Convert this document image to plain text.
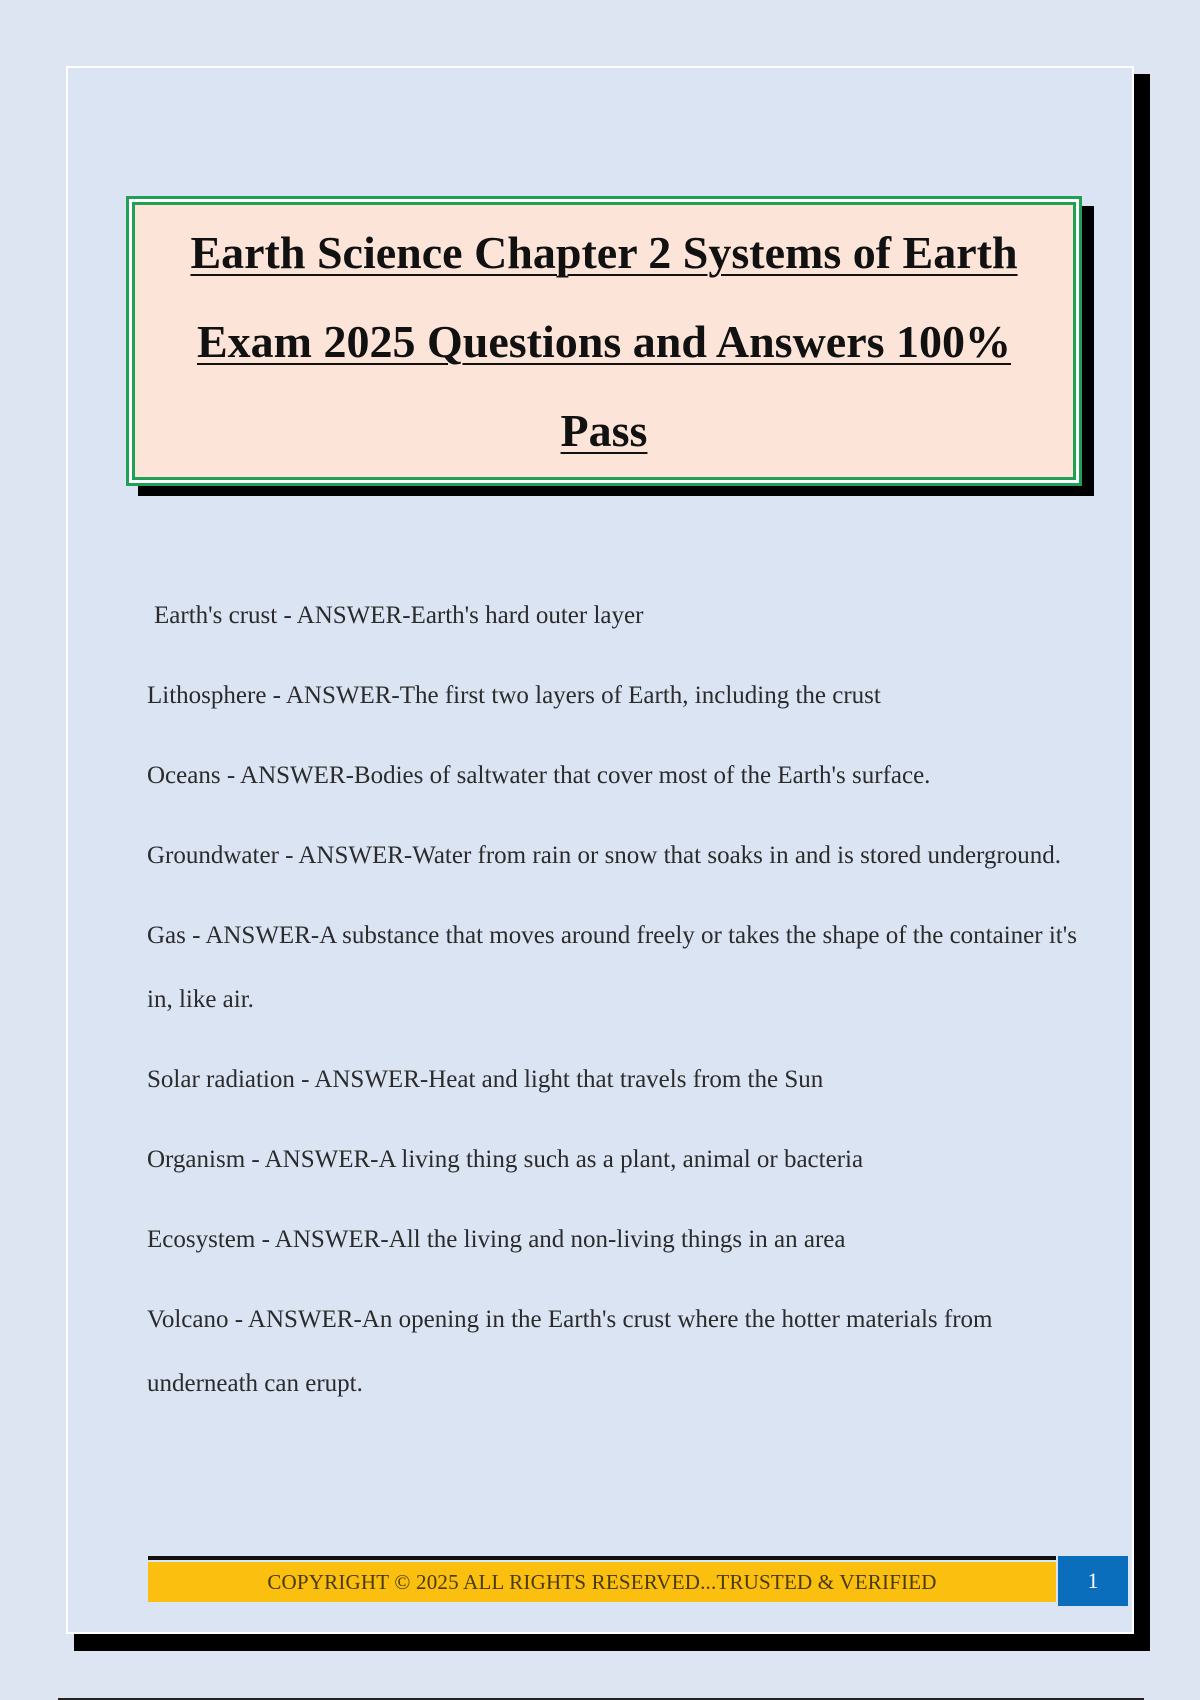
Earth Science Chapter 2 Systems of Earth Exam 2025 Questions and Answers 100% Pass

Earth's crust - ANSWER-Earth's hard outer layer

Lithosphere - ANSWER-The first two layers of Earth, including the crust

Oceans - ANSWER-Bodies of saltwater that cover most of the Earth's surface.

Groundwater - ANSWER-Water from rain or snow that soaks in and is stored underground.

Gas - ANSWER-A substance that moves around freely or takes the shape of the container it's in, like air.

Solar radiation - ANSWER-Heat and light that travels from the Sun

Organism - ANSWER-A living thing such as a plant, animal or bacteria

Ecosystem - ANSWER-All the living and non-living things in an area

Volcano - ANSWER-An opening in the Earth's crust where the hotter materials from underneath can erupt.

COPYRIGHT © 2025 ALL RIGHTS RESERVED...TRUSTED & VERIFIED	1
